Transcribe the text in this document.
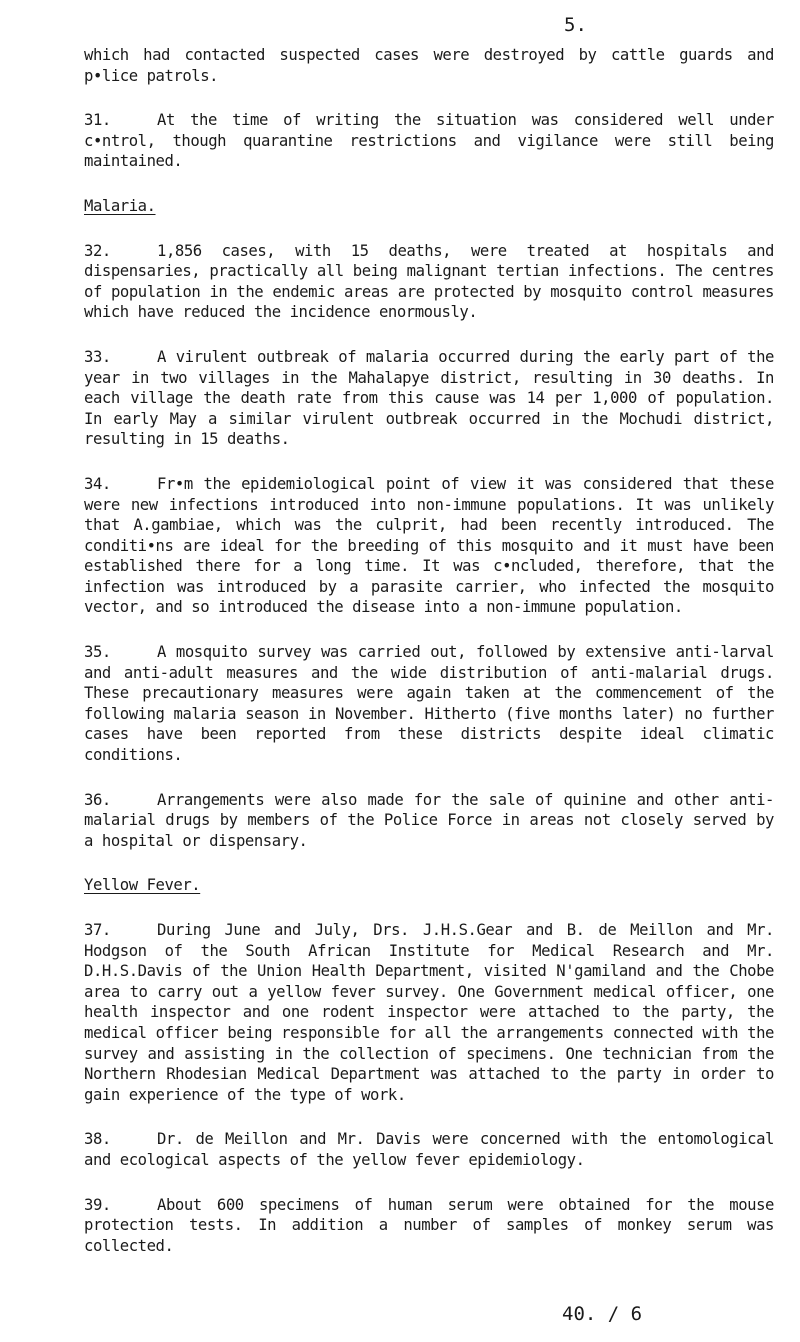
5.

which had contacted suspected cases were destroyed by cattle guards and p•lice patrols.

31.	At the time of writing the situation was considered well under c•ntrol, though quarantine restrictions and vigilance were still being maintained.

Malaria.

32.	1,856 cases, with 15 deaths, were treated at hospitals and dispensaries, practically all being malignant tertian infections. The centres of population in the endemic areas are protected by mosquito control measures which have reduced the incidence enormously.

33.	A virulent outbreak of malaria occurred during the early part of the year in two villages in the Mahalapye district, resulting in 30 deaths. In each village the death rate from this cause was 14 per 1,000 of population. In early May a similar virulent outbreak occurred in the Mochudi district, resulting in 15 deaths.

34.	Fr•m the epidemiological point of view it was considered that these were new infections introduced into non-immune populations. It was unlikely that A.gambiae, which was the culprit, had been recently introduced. The conditi•ns are ideal for the breeding of this mosquito and it must have been established there for a long time. It was c•ncluded, therefore, that the infection was introduced by a parasite carrier, who infected the mosquito vector, and so introduced the disease into a non-immune population.

35.	A mosquito survey was carried out, followed by extensive anti-larval and anti-adult measures and the wide distribution of anti-malarial drugs. These precautionary measures were again taken at the commencement of the following malaria season in November. Hitherto (five months later) no further cases have been reported from these districts despite ideal climatic conditions.

36.	Arrangements were also made for the sale of quinine and other anti-malarial drugs by members of the Police Force in areas not closely served by a hospital or dispensary.

Yellow Fever.

37.	During June and July, Drs. J.H.S.Gear and B. de Meillon and Mr. Hodgson of the South African Institute for Medical Research and Mr. D.H.S.Davis of the Union Health Department, visited N'gamiland and the Chobe area to carry out a yellow fever survey. One Government medical officer, one health inspector and one rodent inspector were attached to the party, the medical officer being responsible for all the arrangements connected with the survey and assisting in the collection of specimens. One technician from the Northern Rhodesian Medical Department was attached to the party in order to gain experience of the type of work.

38.	Dr. de Meillon and Mr. Davis were concerned with the entomological and ecological aspects of the yellow fever epidemiology.

39.	About 600 specimens of human serum were obtained for the mouse protection tests. In addition a number of samples of monkey serum was collected.

40. / 6
